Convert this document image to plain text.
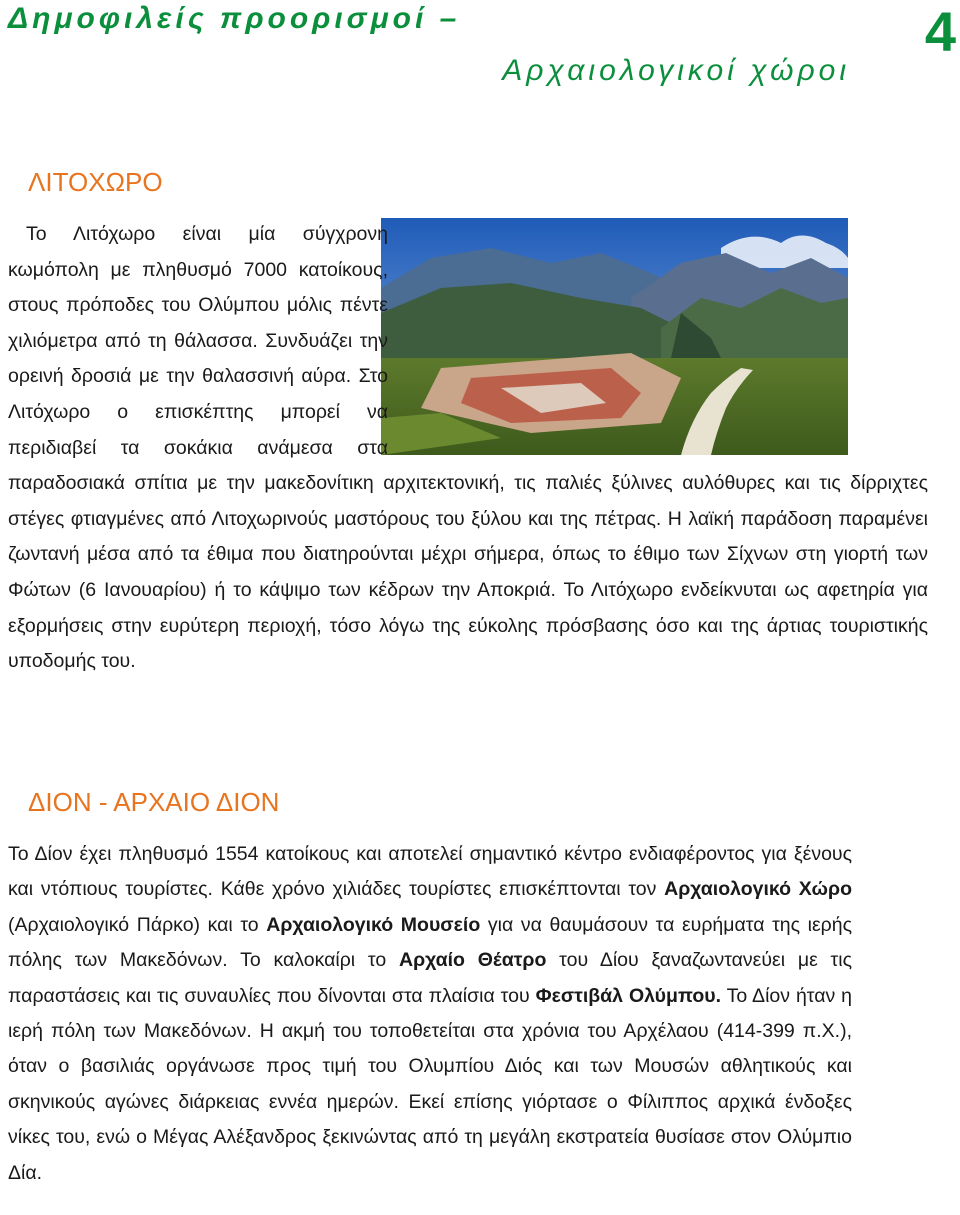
Δημοφιλείς προορισμοί –
Αρχαιολογικοί χώροι
4
ΛΙΤΟΧΩΡΟ
Το Λιτόχωρο είναι μία σύγχρονη κωμόπολη με πληθυσμό 7000 κατοίκους, στους πρόποδες του Ολύμπου μόλις πέντε χιλιόμετρα από τη θάλασσα. Συνδυάζει την ορεινή δροσιά με την θαλασσινή αύρα. Στο Λιτόχωρο ο επισκέπτης μπορεί να περιδιαβεί τα σοκάκια ανάμεσα στα παραδοσιακά σπίτια με την μακεδονίτικη αρχιτεκτονική, τις παλιές ξύλινες αυλόθυρες και τις δίρριχτες στέγες φτιαγμένες από Λιτοχωρινούς μαστόρους του ξύλου και της πέτρας. Η λαϊκή παράδοση παραμένει ζωντανή μέσα από τα έθιμα που διατηρούνται μέχρι σήμερα, όπως το έθιμο των Σίχνων στη γιορτή των Φώτων (6 Ιανουαρίου) ή το κάψιμο των κέδρων την Αποκριά. Το Λιτόχωρο ενδείκνυται ως αφετηρία για εξορμήσεις στην ευρύτερη περιοχή, τόσο λόγω της εύκολης πρόσβασης όσο και της άρτιας τουριστικής υποδομής του.
ΔΙΟΝ - ΑΡΧΑΙΟ ΔΙΟΝ
Το Δίον έχει πληθυσμό 1554 κατοίκους και αποτελεί σημαντικό κέντρο ενδιαφέροντος για ξένους και ντόπιους τουρίστες. Κάθε χρόνο χιλιάδες τουρίστες επισκέπτονται τον Αρχαιολογικό Χώρο (Αρχαιολογικό Πάρκο) και το Αρχαιολογικό Μουσείο για να θαυμάσουν τα ευρήματα της ιερής πόλης των Μακεδόνων. Το καλοκαίρι το Αρχαίο Θέατρο του Δίου ξαναζωντανεύει με τις παραστάσεις και τις συναυλίες που δίνονται στα πλαίσια του Φεστιβάλ Ολύμπου. Το Δίον ήταν η ιερή πόλη των Μακεδόνων. Η ακμή του τοποθετείται στα χρόνια του Αρχέλαου (414-399 π.Χ.), όταν ο βασιλιάς οργάνωσε προς τιμή του Ολυμπίου Διός και των Μουσών αθλητικούς και σκηνικούς αγώνες διάρκειας εννέα ημερών. Εκεί επίσης γιόρτασε ο Φίλιππος αρχικά ένδοξες νίκες του, ενώ ο Μέγας Αλέξανδρος ξεκινώντας από τη μεγάλη εκστρατεία θυσίασε στον Ολύμπιο Δία.
